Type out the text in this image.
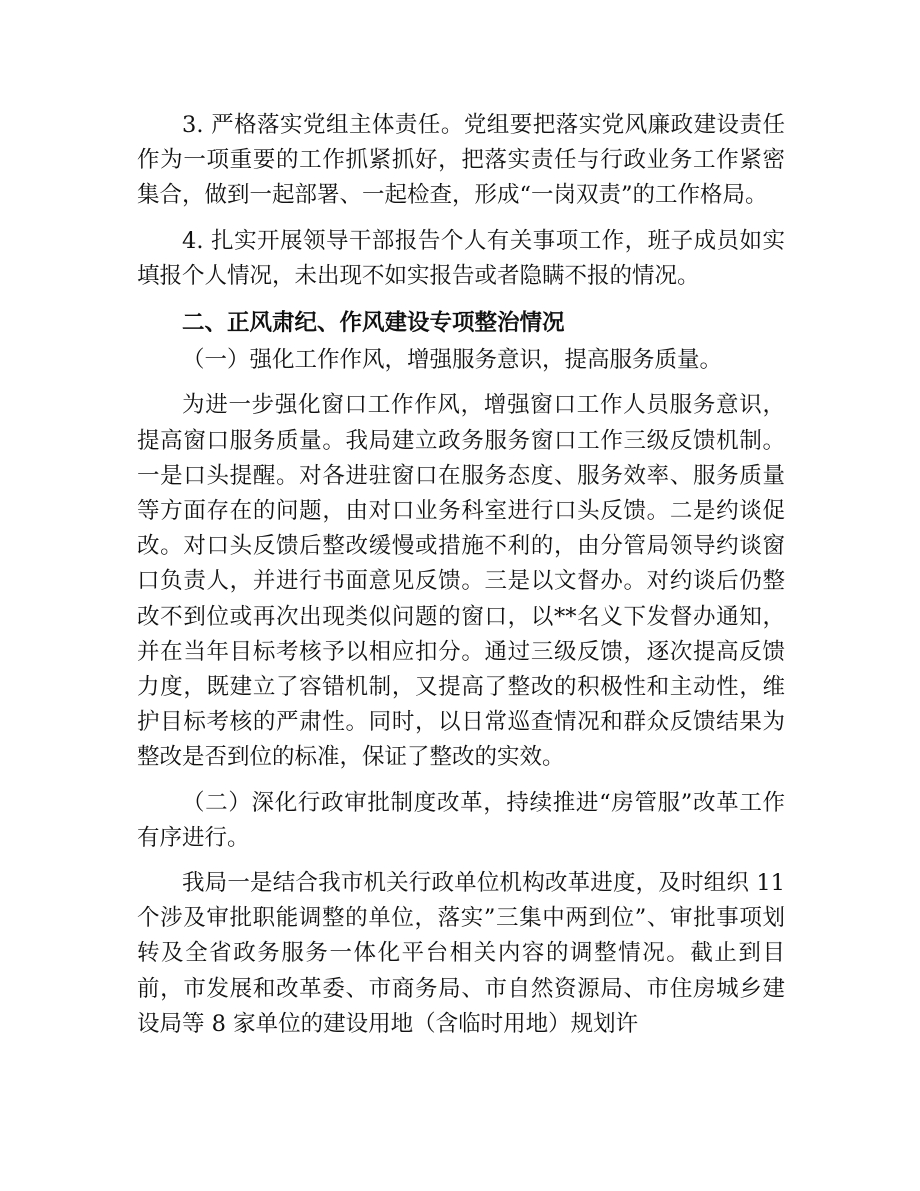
3. 严格落实党组主体责任。党组要把落实党风廉政建设责任作为一项重要的工作抓紧抓好，把落实责任与行政业务工作紧密集合，做到一起部署、一起检查，形成“一岗双责”的工作格局。

4. 扎实开展领导干部报告个人有关事项工作，班子成员如实填报个人情况，未出现不如实报告或者隐瞒不报的情况。

二、正风肃纪、作风建设专项整治情况

（一）强化工作作风，增强服务意识，提高服务质量。

为进一步强化窗口工作作风，增强窗口工作人员服务意识，提高窗口服务质量。我局建立政务服务窗口工作三级反馈机制。一是口头提醒。对各进驻窗口在服务态度、服务效率、服务质量等方面存在的问题，由对口业务科室进行口头反馈。二是约谈促改。对口头反馈后整改缓慢或措施不利的，由分管局领导约谈窗口负责人，并进行书面意见反馈。三是以文督办。对约谈后仍整改不到位或再次出现类似问题的窗口，以**名义下发督办通知，并在当年目标考核予以相应扣分。通过三级反馈，逐次提高反馈力度，既建立了容错机制，又提高了整改的积极性和主动性，维护目标考核的严肃性。同时，以日常巡查情况和群众反馈结果为整改是否到位的标准，保证了整改的实效。

（二）深化行政审批制度改革，持续推进“房管服”改革工作有序进行。

我局一是结合我市机关行政单位机构改革进度，及时组织 11 个涉及审批职能调整的单位，落实”三集中两到位”、审批事项划转及全省政务服务一体化平台相关内容的调整情况。截止到目前，市发展和改革委、市商务局、市自然资源局、市住房城乡建设局等 8 家单位的建设用地（含临时用地）规划许
